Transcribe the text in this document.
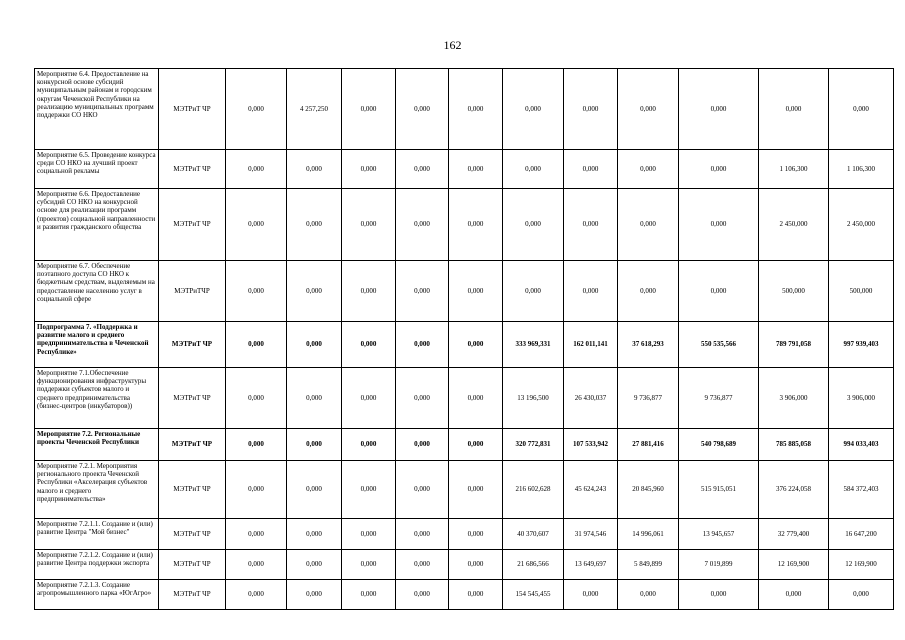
162
Мероприятие 6.4. Предоставление на конкурсной основе субсидий муниципальным районам и городским округам Чеченской Республики на реализацию муниципальных программ поддержки СО НКО	МЭТРиТ ЧР	0,000	4 257,250	0,000	0,000	0,000	0,000	0,000	0,000	0,000	0,000	0,000
Мероприятие 6.5. Проведение конкурса среди СО НКО на лучший проект социальной рекламы	МЭТРиТ ЧР	0,000	0,000	0,000	0,000	0,000	0,000	0,000	0,000	0,000	1 106,300	1 106,300
Мероприятие 6.6. Предоставление субсидий СО НКО на конкурсной основе для реализации программ (проектов) социальной направленности и развития гражданского общества	МЭТРиТ ЧР	0,000	0,000	0,000	0,000	0,000	0,000	0,000	0,000	0,000	2 450,000	2 450,000
Мероприятие 6.7. Обеспечение поэтапного доступа СО НКО к бюджетным средствам, выделяемым на предоставление населению услуг в социальной сфере	МЭТРиТЧР	0,000	0,000	0,000	0,000	0,000	0,000	0,000	0,000	0,000	500,000	500,000
Подпрограмма 7. «Поддержка и развитие малого и среднего предпринимательства в Чеченской Республике»	МЭТРиТ ЧР	0,000	0,000	0,000	0,000	0,000	333 969,331	162 011,141	37 618,293	550 535,566	789 791,058	997 939,403
Мероприятие 7.1.Обеспечение функционирования инфраструктуры поддержки субъектов малого и среднего предпринимательства (бизнес-центров (инкубаторов))	МЭТРиТ ЧР	0,000	0,000	0,000	0,000	0,000	13 196,500	26 430,037	9 736,877	9 736,877	3 906,000	3 906,000
Мероприятие 7.2. Региональные проекты Чеченской Республики	МЭТРиТ ЧР	0,000	0,000	0,000	0,000	0,000	320 772,831	107 533,942	27 881,416	540 798,689	785 885,058	994 033,403
Мероприятие 7.2.1. Мероприятия регионального проекта Чеченской Республики «Акселерация субъектов малого и среднего предпринимательства»	МЭТРиТ ЧР	0,000	0,000	0,000	0,000	0,000	216 602,628	45 624,243	20 845,960	515 915,051	376 224,058	584 372,403
Мероприятие 7.2.1.1. Создание и (или) развитие Центра "Мой бизнес"	МЭТРиТ ЧР	0,000	0,000	0,000	0,000	0,000	40 370,607	31 974,546	14 996,061	13 945,657	32 779,400	16 647,200
Мероприятие 7.2.1.2. Создание и (или) развитие Центра поддержки экспорта	МЭТРиТ ЧР	0,000	0,000	0,000	0,000	0,000	21 686,566	13 649,697	5 849,899	7 019,899	12 169,900	12 169,900
Мероприятие 7.2.1.3. Создание агропромышленного парка «ЮгАгро»	МЭТРиТ ЧР	0,000	0,000	0,000	0,000	0,000	154 545,455	0,000	0,000	0,000	0,000	0,000
